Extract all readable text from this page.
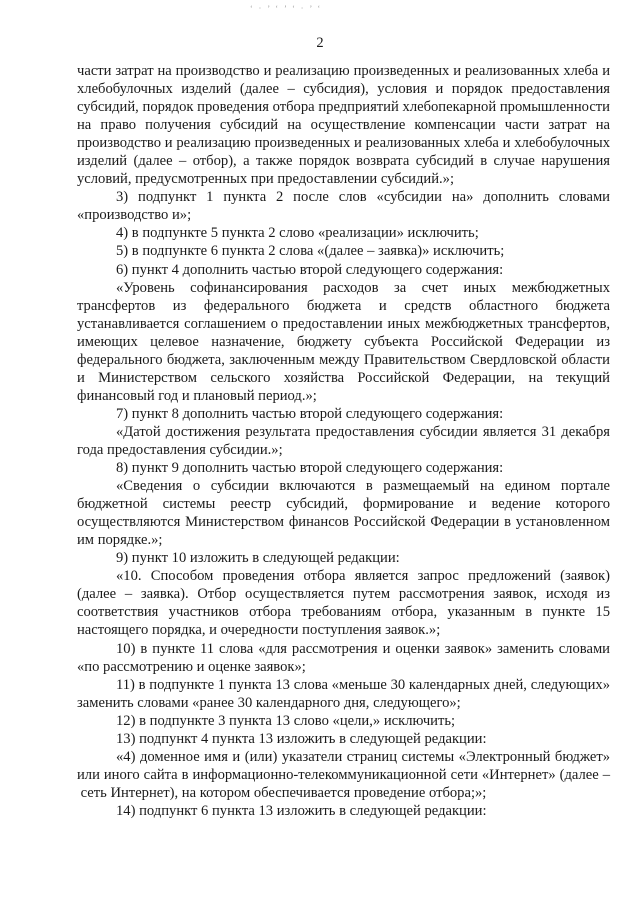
‘ · ’ ‘ ’ ‘ · ’ ‘
2

части затрат на производство и реализацию произведенных и реализованных хлеба и хлебобулочных изделий (далее – субсидия), условия и порядок предоставления субсидий, порядок проведения отбора предприятий хлебопекарной промышленности на право получения субсидий на осуществление компенсации части затрат на производство и реализацию произведенных и реализованных хлеба и хлебобулочных изделий (далее – отбор), а также порядок возврата субсидий в случае нарушения условий, предусмотренных при предоставлении субсидий.»;

3) подпункт 1 пункта 2 после слов «субсидии на» дополнить словами «производство и»;

4) в подпункте 5 пункта 2 слово «реализации» исключить;

5) в подпункте 6 пункта 2 слова «(далее – заявка)» исключить;

6) пункт 4 дополнить частью второй следующего содержания:

«Уровень софинансирования расходов за счет иных межбюджетных трансфертов из федерального бюджета и средств областного бюджета устанавливается соглашением о предоставлении иных межбюджетных трансфертов, имеющих целевое назначение, бюджету субъекта Российской Федерации из федерального бюджета, заключенным между Правительством Свердловской области и Министерством сельского хозяйства Российской Федерации, на текущий финансовый год и плановый период.»;

7) пункт 8 дополнить частью второй следующего содержания:

«Датой достижения результата предоставления субсидии является 31 декабря года предоставления субсидии.»;

8) пункт 9 дополнить частью второй следующего содержания:

«Сведения о субсидии включаются в размещаемый на едином портале бюджетной системы реестр субсидий, формирование и ведение которого осуществляются Министерством финансов Российской Федерации в установленном им порядке.»;

9) пункт 10 изложить в следующей редакции:

«10. Способом проведения отбора является запрос предложений (заявок) (далее – заявка). Отбор осуществляется путем рассмотрения заявок, исходя из соответствия участников отбора требованиям отбора, указанным в пункте 15 настоящего порядка, и очередности поступления заявок.»;

10) в пункте 11 слова «для рассмотрения и оценки заявок» заменить словами «по рассмотрению и оценке заявок»;

11) в подпункте 1 пункта 13 слова «меньше 30 календарных дней, следующих» заменить словами «ранее 30 календарного дня, следующего»;

12) в подпункте 3 пункта 13 слово «цели,» исключить;

13) подпункт 4 пункта 13 изложить в следующей редакции:

«4) доменное имя и (или) указатели страниц системы «Электронный бюджет» или иного сайта в информационно-телекоммуникационной сети «Интернет» (далее – сеть Интернет), на котором обеспечивается проведение отбора;»;

14) подпункт 6 пункта 13 изложить в следующей редакции:
